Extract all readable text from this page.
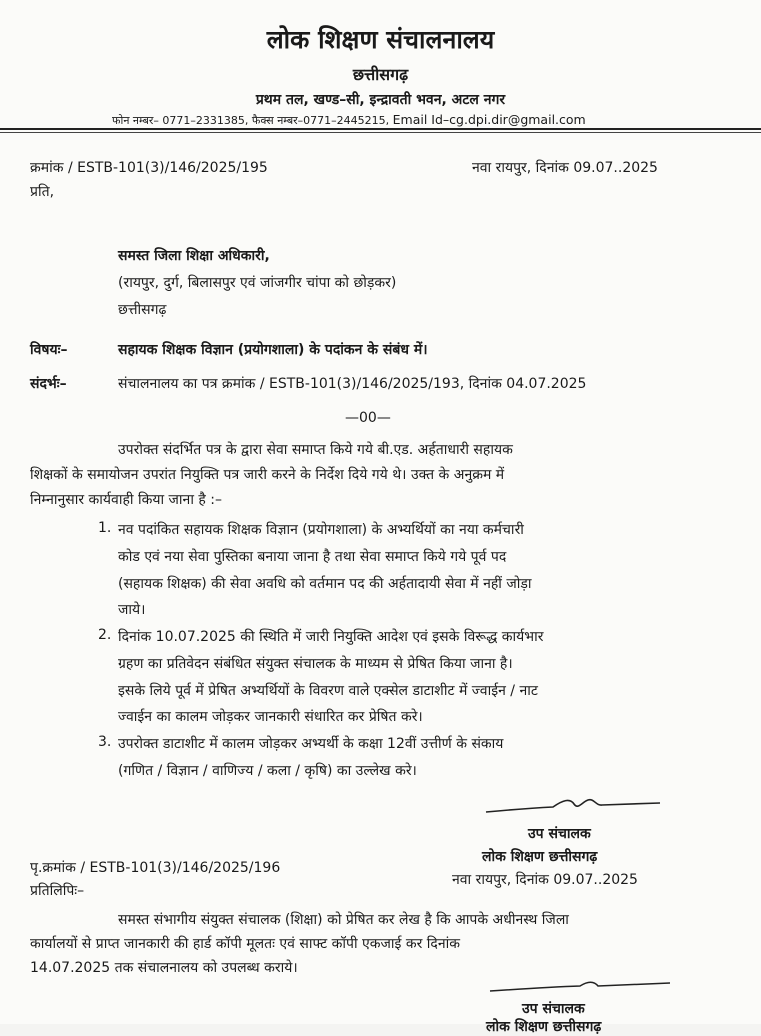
लोक शिक्षण संचालनालय
छत्तीसगढ़
प्रथम तल, खण्ड–सी, इन्द्रावती भवन, अटल नगर
फोन नम्बर– 0771–2331385, फैक्स नम्बर–0771–2445215, Email Id–cg.dpi.dir@gmail.com
क्रमांक / ESTB-101(3)/146/2025/195	नवा रायपुर, दिनांक 09.07..2025
प्रति,
समस्त जिला शिक्षा अधिकारी,
(रायपुर, दुर्ग, बिलासपुर एवं जांजगीर चांपा को छोड़कर)
छत्तीसगढ़
विषयः–	सहायक शिक्षक विज्ञान (प्रयोगशाला) के पदांकन के संबंध में।
संदर्भः–	संचालनालय का पत्र क्रमांक / ESTB-101(3)/146/2025/193, दिनांक 04.07.2025
—00—
उपरोक्त संदर्भित पत्र के द्वारा सेवा समाप्त किये गये बी.एड. अर्हताधारी सहायक
शिक्षकों के समायोजन उपरांत नियुक्ति पत्र जारी करने के निर्देश दिये गये थे। उक्त के अनुक्रम में
निम्नानुसार कार्यवाही किया जाना है :–
1. नव पदांकित सहायक शिक्षक विज्ञान (प्रयोगशाला) के अभ्यर्थियों का नया कर्मचारी
कोड एवं नया सेवा पुस्तिका बनाया जाना है तथा सेवा समाप्त किये गये पूर्व पद
(सहायक शिक्षक) की सेवा अवधि को वर्तमान पद की अर्हतादायी सेवा में नहीं जोड़ा
जाये।
2. दिनांक 10.07.2025 की स्थिति में जारी नियुक्ति आदेश एवं इसके विरूद्ध कार्यभार
ग्रहण का प्रतिवेदन संबंधित संयुक्त संचालक के माध्यम से प्रेषित किया जाना है।
इसके लिये पूर्व में प्रेषित अभ्यर्थियों के विवरण वाले एक्सेल डाटाशीट में ज्वाईन / नाट
ज्वाईन का कालम जोड़कर जानकारी संधारित कर प्रेषित करे।
3. उपरोक्त डाटाशीट में कालम जोड़कर अभ्यर्थी के कक्षा 12वीं उत्तीर्ण के संकाय
(गणित / विज्ञान / वाणिज्य / कला / कृषि) का उल्लेख करे।
उप संचालक
लोक शिक्षण छत्तीसगढ़
पृ.क्रमांक / ESTB-101(3)/146/2025/196
नवा रायपुर, दिनांक 09.07..2025
प्रतिलिपिः–
समस्त संभागीय संयुक्त संचालक (शिक्षा) को प्रेषित कर लेख है कि आपके अधीनस्थ जिला
कार्यालयों से प्राप्त जानकारी की हार्ड कॉपी मूलतः एवं साफ्ट कॉपी एकजाई कर दिनांक
14.07.2025 तक संचालनालय को उपलब्ध कराये।
उप संचालक
लोक शिक्षण छत्तीसगढ़
